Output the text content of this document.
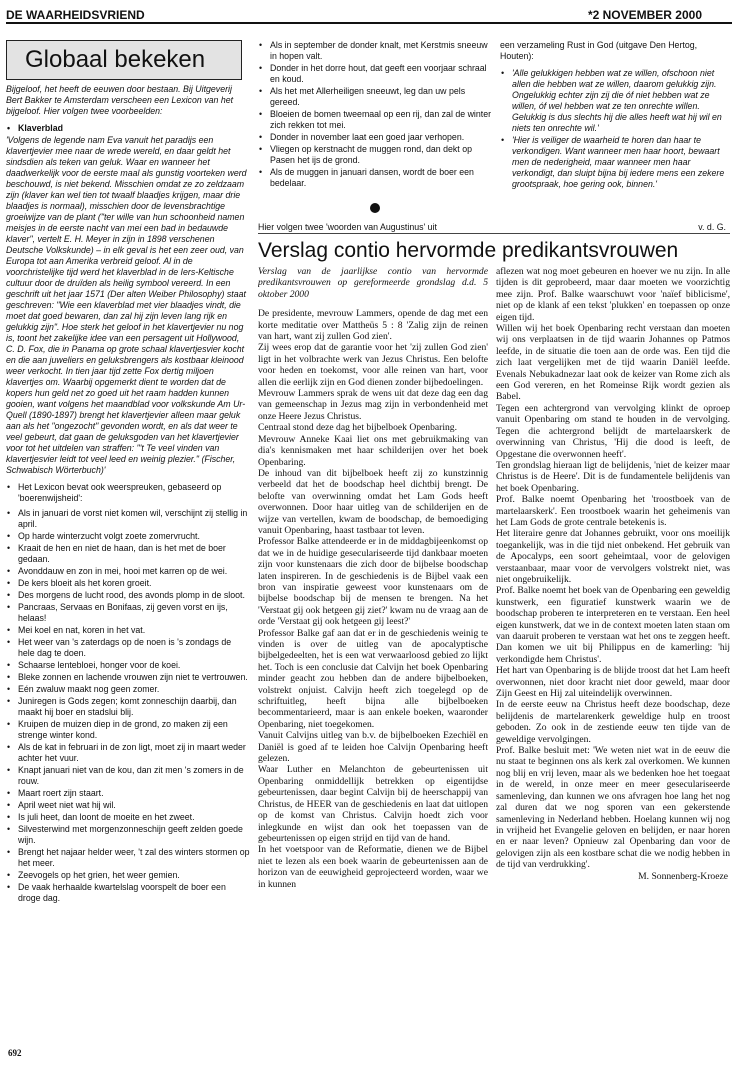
DE WAARHEIDSVRIEND	*2 NOVEMBER 2000
Globaal bekeken

Bijgeloof, het heeft de eeuwen door bestaan. Bij Uitgeverij Bert Bakker te Amsterdam verscheen een Lexicon van het bijgeloof. Hier volgen twee voorbeelden:

• Klaverblad

'Volgens de legende nam Eva vanuit het paradijs een klavertjevier mee naar de wrede wereld, en daar geldt het sindsdien als teken van geluk. Waar en wanneer het daadwerkelijk voor de eerste maal als gunstig voorteken werd beschouwd, is niet bekend. Misschien omdat ze zo zeldzaam zijn (klaver kan wel tien tot twaalf blaadjes krijgen, maar drie blaadjes is normaal), misschien door de levensbrachtige groeiwijze van de plant ("ter wille van hun schoonheid namen meisjes in de eerste nacht van mei een bad in bedauwde klaver", vertelt E. H. Meyer in zijn in 1898 verschenen Deutsche Volkskunde) – in elk geval is het een zeer oud, van Europa tot aan Amerika verbreid geloof. Al in de voorchristelijke tijd werd het klaverblad in de Iers-Keltische cultuur door de druïden als heilig symbool vereerd. In een geschrift uit het jaar 1571 (Der alten Weiber Philosophy) staat geschreven: "Wie een klaverblad met vier blaadjes vindt, die moet dat goed bewaren, dan zal hij zijn leven lang rijk en gelukkig zijn". Hoe sterk het geloof in het klavertjevier nu nog is, toont het zakelijke idee van een persagent uit Hollywood, C. D. Fox, die in Panama op grote schaal klavertjesvier kocht en die aan juweliers en geluksbrengers als kostbaar kleinood weer verkocht. In tien jaar tijd zette Fox dertig miljoen klavertjes om. Waarbij opgemerkt dient te worden dat de kopers hun geld net zo goed uit het raam hadden kunnen gooien, want volgens het maandblad voor volkskunde Am Ur-Quell (1890-1897) brengt het klavertjevier alleen maar geluk aan als het "ongezocht" gevonden wordt, en als dat weer te veel gebeurt, dat gaan de geluksgoden van het klavertjevier voor tot het uitdelen van straffen: "'t Te veel vinden van klavertjesvier leidt tot veel leed en weinig plezier." (Fischer, Schwabisch Wörterbuch)'

• Het Lexicon bevat ook weerspreuken, gebaseerd op 'boerenwijsheid':
• Als in januari de vorst niet komen wil, verschijnt zij stellig in april.
• Op harde winterzucht volgt zoete zomervrucht.
• Kraait de hen en niet de haan, dan is het met de boer gedaan.
• Avonddauw en zon in mei, hooi met karren op de wei.
• De kers bloeit als het koren groeit.
• Des morgens de lucht rood, des avonds plomp in de sloot.
• Pancraas, Servaas en Bonifaas, zij geven vorst en ijs, helaas!
• Mei koel en nat, koren in het vat.
• Het weer van 's zaterdags op de noen is 's zondags de hele dag te doen.
• Schaarse lentebloei, honger voor de koei.
• Bleke zonnen en lachende vrouwen zijn niet te vertrouwen.
• Eén zwaluw maakt nog geen zomer.
• Juniregen is Gods zegen; komt zonneschijn daarbij, dan maakt hij boer en stadslui blij.
• Kruipen de muizen diep in de grond, zo maken zij een strenge winter kond.
• Als de kat in februari in de zon ligt, moet zij in maart weder achter het vuur.
• Knapt januari niet van de kou, dan zit men 's zomers in de rouw.
• Maart roert zijn staart.
• April weet niet wat hij wil.
• Is juli heet, dan loont de moeite en het zweet.
• Silvesterwind met morgenzonneschijn geeft zelden goede wijn.
• Brengt het najaar helder weer, 't zal des winters stormen op het meer.
• Zeevogels op het grien, het weer gemien.
• De vaak herhaalde kwartelslag voorspelt de boer een droge dag.
• Als in september de donder knalt, met Kerstmis sneeuw in hopen valt.
• Donder in het dorre hout, dat geeft een voorjaar schraal en koud.
• Als het met Allerheiligen sneeuwt, leg dan uw pels gereed.
• Bloeien de bomen tweemaal op een rij, dan zal de winter zich rekken tot mei.
• Donder in november laat een goed jaar verhopen.
• Vliegen op kerstnacht de muggen rond, dan dekt op Pasen het ijs de grond.
• Als de muggen in januari dansen, wordt de boer een bedelaar.

een verzameling Rust in God (uitgave Den Hertog, Houten):

• 'Alle gelukkigen hebben wat ze willen, ofschoon niet allen die hebben wat ze willen, daarom gelukkig zijn. Ongelukkig echter zijn zij die óf niet hebben wat ze willen, óf wel hebben wat ze ten onrechte willen. Gelukkig is dus slechts hij die alles heeft wat hij wil en niets ten onrechte wil.'
• 'Hier is veiliger de waarheid te horen dan haar te verkondigen. Want wanneer men haar hoort, bewaart men de nederigheid, maar wanneer men haar verkondigt, dan sluipt bijna bij iedere mens een zekere grootspraak, hoe gering ook, binnen.'
Hier volgen twee 'woorden van Augustinus' uit	v. d. G.
Verslag contio hervormde predikantsvrouwen

Verslag van de jaarlijkse contio van hervormde predikantsvrouwen op gereformeerde grondslag d.d. 5 oktober 2000

De presidente, mevrouw Lammers, opende de dag met een korte meditatie over Mattheüs 5 : 8 'Zalig zijn de reinen van hart, want zij zullen God zien'.

Zij wees erop dat de garantie voor het 'zij zullen God zien' ligt in het volbrachte werk van Jezus Christus. Een belofte voor heden en toekomst, voor alle reinen van hart, voor allen die eerlijk zijn en God dienen zonder bijbedoelingen.

Mevrouw Lammers sprak de wens uit dat deze dag een dag van gemeenschap in Jezus mag zijn in verbondenheid met onze Heere Jezus Christus.

Centraal stond deze dag het bijbelboek Openbaring.

Mevrouw Anneke Kaai liet ons met gebruikmaking van dia's kennismaken met haar schilderijen over het boek Openbaring.

De inhoud van dit bijbelboek heeft zij zo kunstzinnig verbeeld dat het de boodschap heel dichtbij brengt. De belofte van overwinning omdat het Lam Gods heeft overwonnen. Door haar uitleg van de schilderijen en de wijze van vertellen, kwam de boodschap, de bemoediging vanuit Openbaring, haast tastbaar tot leven.

Professor Balke attendeerde er in de middagbijeenkomst op dat we in de huidige geseculariseerde tijd dankbaar moeten zijn voor kunstenaars die zich door de bijbelse boodschap laten inspireren. In de geschiedenis is de Bijbel vaak een bron van inspiratie geweest voor kunstenaars om de bijbelse boodschap bij de mensen te brengen. Na het 'Verstaat gij ook hetgeen gij ziet?' kwam nu de vraag aan de orde 'Verstaat gij ook hetgeen gij leest?'

Professor Balke gaf aan dat er in de geschiedenis weinig te vinden is over de uitleg van de apocalyptische bijbelgedeelten, het is een wat verwaarloosd gebied zo lijkt het. Toch is een conclusie dat Calvijn het boek Openbaring minder geacht zou hebben dan de andere bijbelboeken, volstrekt onjuist. Calvijn heeft zich toegelegd op de schriftuitleg, heeft bijna alle bijbelboeken becommentarieerd, maar is aan enkele boeken, waaronder Openbaring, niet toegekomen.

Vanuit Calvijns uitleg van b.v. de bijbelboeken Ezechiël en Daniël is goed af te leiden hoe Calvijn Openbaring heeft gelezen.

Waar Luther en Melanchton de gebeurtenissen uit Openbaring onmiddellijk betrekken op eigentijdse gebeurtenissen, daar begint Calvijn bij de heerschappij van Christus, de HEER van de geschiedenis en laat dat uitlopen op de komst van Christus. Calvijn hoedt zich voor inlegkunde en wijst dan ook het toepassen van de gebeurtenissen op eigen strijd en tijd van de hand.

In het voetspoor van de Reformatie, dienen we de Bijbel niet te lezen als een boek waarin de gebeurtenissen aan de horizon van de eeuwigheid geprojecteerd worden, waar we in kunnen

aflezen wat nog moet gebeuren en hoever we nu zijn. In alle tijden is dit geprobeerd, maar daar moeten we voorzichtig mee zijn. Prof. Balke waarschuwt voor 'naïef biblicisme', niet op de klank af een tekst 'plukken' en toepassen op onze eigen tijd.

Willen wij het boek Openbaring recht verstaan dan moeten wij ons verplaatsen in de tijd waarin Johannes op Patmos leefde, in de situatie die toen aan de orde was. Een tijd die zich laat vergelijken met de tijd waarin Daniël leefde. Evenals Nebukadnezar laat ook de keizer van Rome zich als een God vereren, en het Romeinse Rijk wordt gezien als Babel.

Tegen een achtergrond van vervolging klinkt de oproep vanuit Openbaring om stand te houden in de vervolging. Tegen die achtergrond belijdt de martelaarskerk de overwinning van Christus, 'Hij die dood is leeft, de Opgestane die overwonnen heeft'.

Ten grondslag hieraan ligt de belijdenis, 'niet de keizer maar Christus is de Heere'. Dit is de fundamentele belijdenis van het boek Openbaring.

Prof. Balke noemt Openbaring het 'troostboek van de martelaarskerk'. Een troostboek waarin het geheimenis van het Lam Gods de grote centrale betekenis is.

Het literaire genre dat Johannes gebruikt, voor ons moeilijk toegankelijk, was in die tijd niet onbekend. Het gebruik van de Apocalyps, een soort geheimtaal, voor de gelovigen verstaanbaar, maar voor de vervolgers volstrekt niet, was niet ongebruikelijk.

Prof. Balke noemt het boek van de Openbaring een geweldig kunstwerk, een figuratief kunstwerk waarin we de boodschap proberen te interpreteren en te verstaan. Een heel eigen kunstwerk, dat we in de context moeten laten staan om van daaruit proberen te verstaan wat het ons te zeggen heeft. Dan komen we uit bij Philippus en de kamerling: 'hij verkondigde hem Christus'.

Het hart van Openbaring is de blijde troost dat het Lam heeft overwonnen, niet door kracht niet door geweld, maar door Zijn Geest en Hij zal uiteindelijk overwinnen.

In de eerste eeuw na Christus heeft deze boodschap, deze belijdenis de martelarenkerk geweldige hulp en troost geboden. Zo ook in de zestiende eeuw ten tijde van de geweldige vervolgingen.

Prof. Balke besluit met: 'We weten niet wat in de eeuw die nu staat te beginnen ons als kerk zal overkomen. We kunnen nog blij en vrij leven, maar als we bedenken hoe het toegaat in de wereld, in onze meer en meer geseculariseerde samenleving, dan kunnen we ons afvragen hoe lang het nog zal duren dat we nog sporen van een gekerstende samenleving in Nederland hebben. Hoelang kunnen wij nog in vrijheid het Evangelie geloven en belijden, er naar horen en er naar leven? Opnieuw zal Openbaring dan voor de gelovigen zijn als een kostbare schat die we nodig hebben in de tijd van verdrukking'.

M. Sonnenberg-Kroeze

692
